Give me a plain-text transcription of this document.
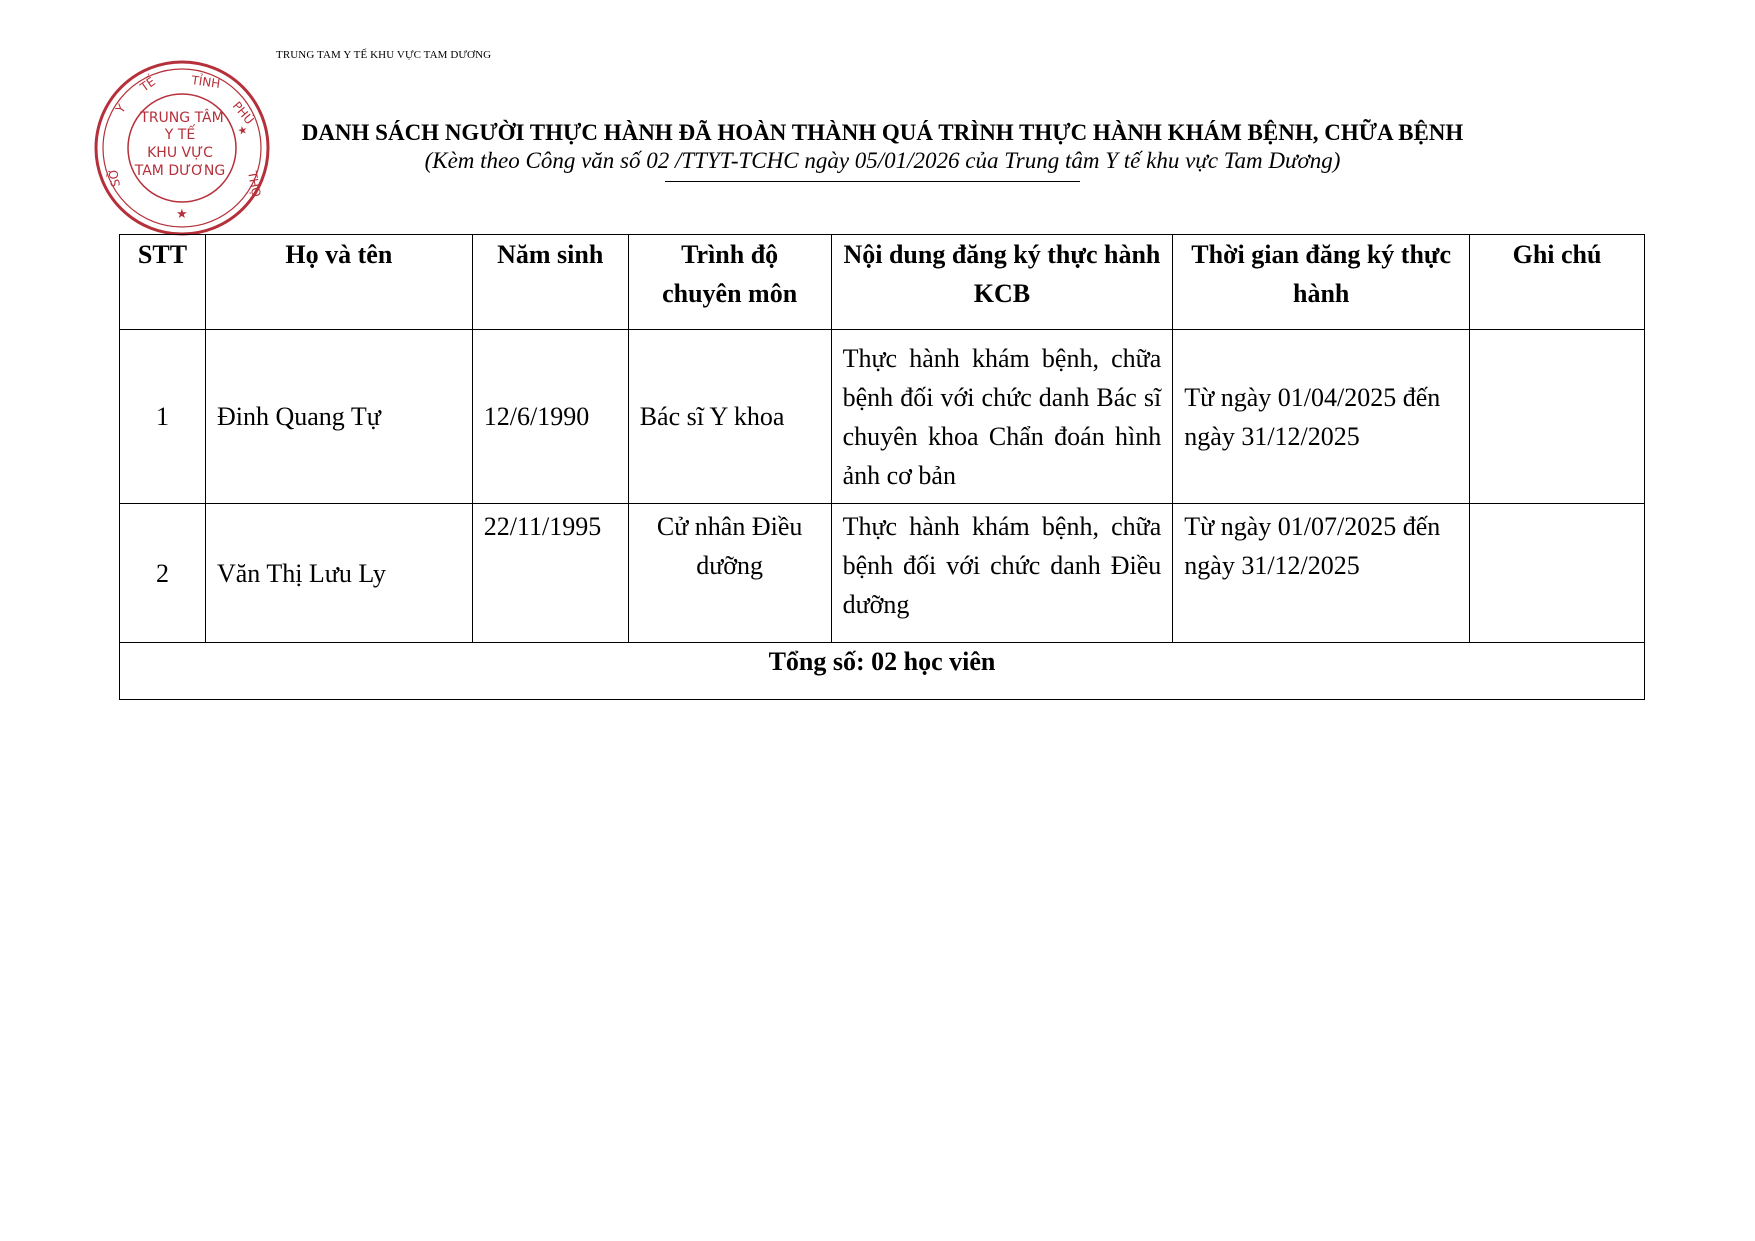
TRUNG TAM Y TẾ KHU VỰC TAM DƯƠNG
Y
TẾ	TỈNH
PHÚ
THỌ
SỞ
★
★
TRUNG TÂM
Y TẾ
KHU VỰC
TAM DƯƠNG
DANH SÁCH NGƯỜI THỰC HÀNH ĐÃ HOÀN THÀNH QUÁ TRÌNH THỰC HÀNH KHÁM BỆNH, CHỮA BỆNH
(Kèm theo Công văn số 02 /TTYT-TCHC ngày 05/01/2026 của Trung tâm Y tế khu vực Tam Dương)
STT	Họ và tên	Năm sinh	Trình độ chuyên môn	Nội dung đăng ký thực hành KCB	Thời gian đăng ký thực hành	Ghi chú
1	Đinh Quang Tự	12/6/1990	Bác sĩ Y khoa	Thực hành khám bệnh, chữa bệnh đối với chức danh Bác sĩ chuyên khoa Chẩn đoán hình ảnh cơ bản	Từ ngày 01/04/2025 đến ngày 31/12/2025	
2	Văn Thị Lưu Ly	22/11/1995	Cử nhân Điều dưỡng	Thực hành khám bệnh, chữa bệnh đối với chức danh Điều dưỡng	Từ ngày 01/07/2025 đến ngày 31/12/2025	
Tổng số: 02 học viên						
